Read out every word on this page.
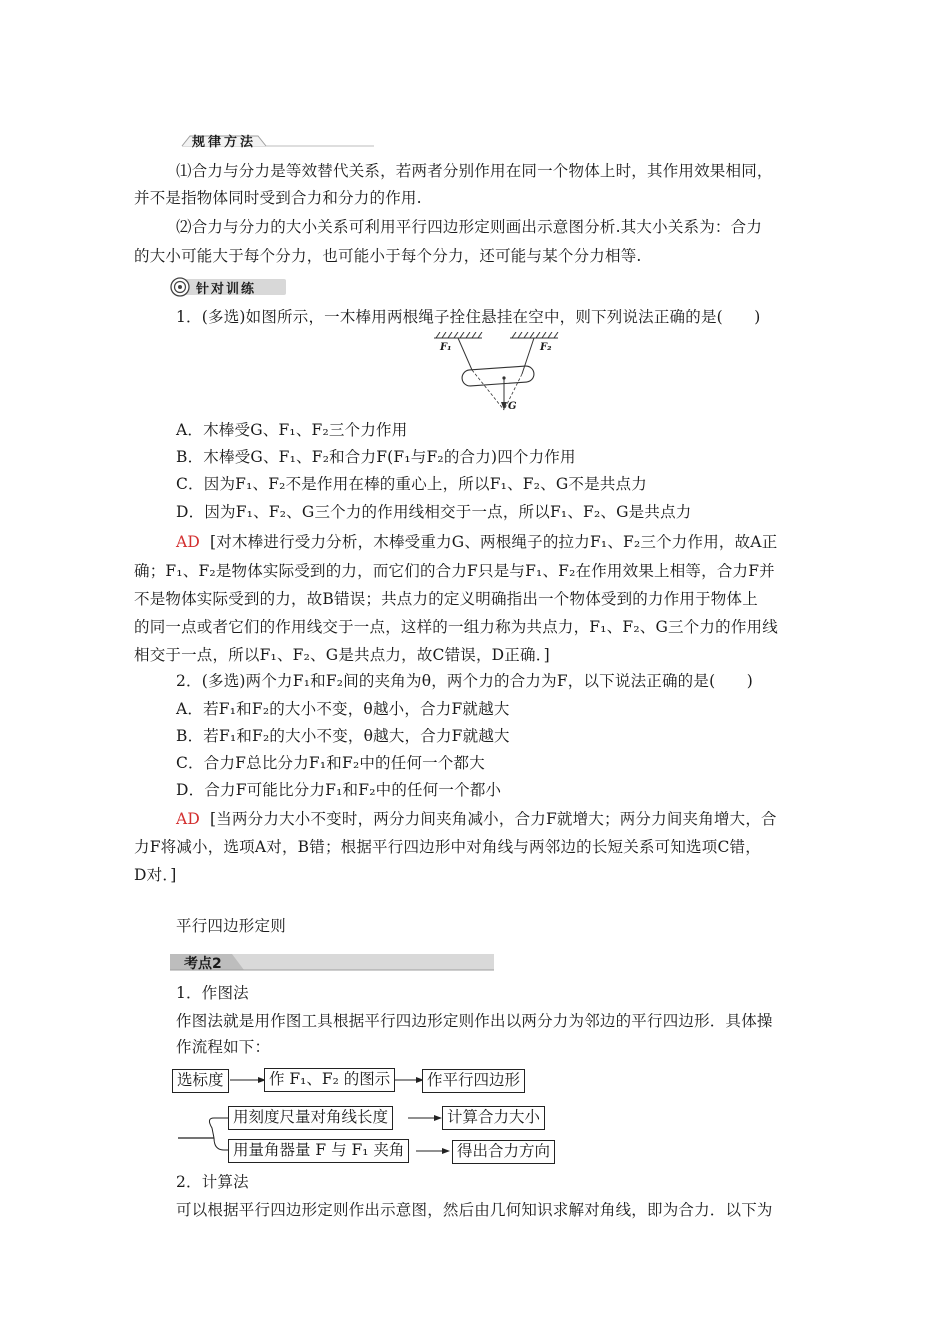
规律方法
⑴合力与分力是等效替代关系，若两者分别作用在同一个物体上时，其作用效果相同，
并不是指物体同时受到合力和分力的作用.
⑵合力与分力的大小关系可利用平行四边形定则画出示意图分析.其大小关系为：合力
的大小可能大于每个分力，也可能小于每个分力，还可能与某个分力相等.
针对训练
1．(多选)如图所示，一木棒用两根绳子拴住悬挂在空中，则下列说法正确的是(　　)
F₁	F₂
G
A．木棒受G、F₁、F₂三个力作用
B．木棒受G、F₁、F₂和合力F(F₁与F₂的合力)四个力作用
C．因为F₁、F₂不是作用在棒的重心上，所以F₁、F₂、G不是共点力
D．因为F₁、F₂、G三个力的作用线相交于一点，所以F₁、F₂、G是共点力
AD [对木棒进行受力分析，木棒受重力G、两根绳子的拉力F₁、F₂三个力作用，故A正
确；F₁、F₂是物体实际受到的力，而它们的合力F只是与F₁、F₂在作用效果上相等，合力F并
不是物体实际受到的力，故B错误；共点力的定义明确指出一个物体受到的力作用于物体上
的同一点或者它们的作用线交于一点，这样的一组力称为共点力，F₁、F₂、G三个力的作用线
相交于一点，所以F₁、F₂、G是共点力，故C错误，D正确．]
2．(多选)两个力F₁和F₂间的夹角为θ，两个力的合力为F，以下说法正确的是(　　)
A．若F₁和F₂的大小不变，θ越小，合力F就越大
B．若F₁和F₂的大小不变，θ越大，合力F就越大
C．合力F总比分力F₁和F₂中的任何一个都大
D．合力F可能比分力F₁和F₂中的任何一个都小
AD [当两分力大小不变时，两分力间夹角减小，合力F就增大；两分力间夹角增大，合
力F将减小，选项A对，B错；根据平行四边形中对角线与两邻边的长短关系可知选项C错，
D对．]
平行四边形定则
考点2
1．作图法
作图法就是用作图工具根据平行四边形定则作出以两分力为邻边的平行四边形．具体操
作流程如下：
选标度	作 F₁、F₂ 的图示	作平行四边形
用刻度尺量对角线长度	计算合力大小
用量角器量 F 与 F₁ 夹角	得出合力方向
2．计算法
可以根据平行四边形定则作出示意图，然后由几何知识求解对角线，即为合力．以下为
